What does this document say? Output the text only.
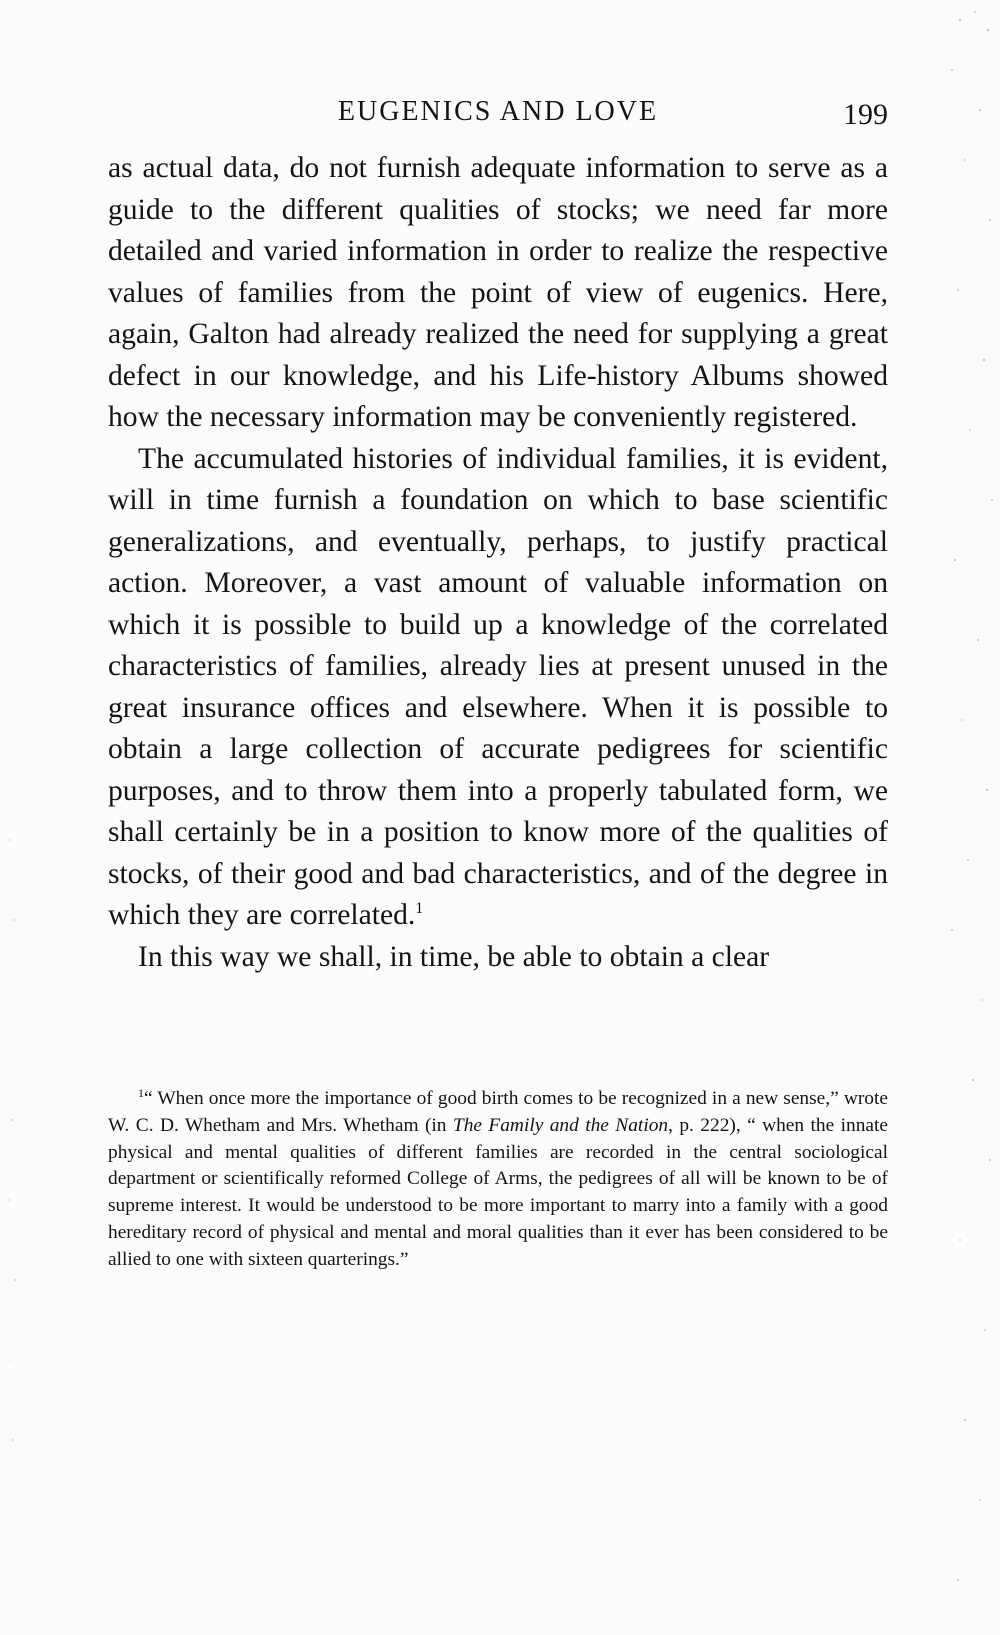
EUGENICS AND LOVE	199

as actual data, do not furnish adequate information to serve as a guide to the different qualities of stocks; we need far more detailed and varied information in order to realize the respective values of families from the point of view of eugenics. Here, again, Galton had already realized the need for supplying a great defect in our knowledge, and his Life-history Albums showed how the necessary information may be conveniently registered.

The accumulated histories of individual families, it is evident, will in time furnish a foundation on which to base scientific generalizations, and eventually, perhaps, to justify practical action. Moreover, a vast amount of valuable information on which it is possible to build up a knowledge of the correlated characteristics of families, already lies at present unused in the great insurance offices and elsewhere. When it is possible to obtain a large collection of accurate pedigrees for scientific purposes, and to throw them into a properly tabulated form, we shall certainly be in a position to know more of the qualities of stocks, of their good and bad characteristics, and of the degree in which they are correlated.$^1$

In this way we shall, in time, be able to obtain a clear

$^1$“ When once more the importance of good birth comes to be recognized in a new sense,” wrote W. C. D. Whetham and Mrs. Whetham (in The Family and the Nation, p. 222), “ when the innate physical and mental qualities of different families are recorded in the central sociological department or scientifically reformed College of Arms, the pedigrees of all will be known to be of supreme interest. It would be understood to be more important to marry into a family with a good hereditary record of physical and mental and moral qualities than it ever has been considered to be allied to one with sixteen quarterings.”
